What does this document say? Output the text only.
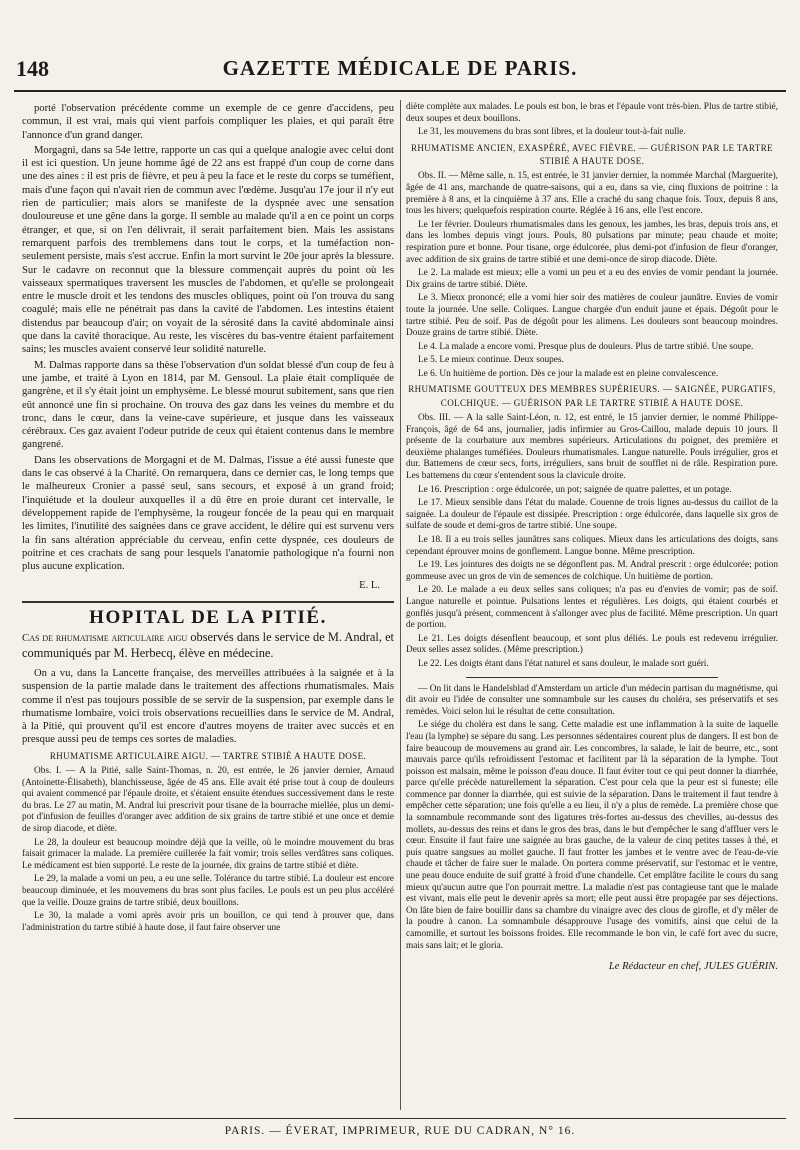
148	GAZETTE MÉDICALE DE PARIS.

porté l'observation précédente comme un exemple de ce genre d'accidens, peu commun, il est vrai, mais qui vient parfois compliquer les plaies, et qui paraît être l'annonce d'un grand danger.

Morgagni, dans sa 54e lettre, rapporte un cas qui a quelque analogie avec celui dont il est ici question. Un jeune homme âgé de 22 ans est frappé d'un coup de corne dans une des aines : il est pris de fièvre, et peu à peu la face et le reste du corps se tuméfient, mais d'une façon qui n'avait rien de commun avec l'œdème. Jusqu'au 17e jour il n'y eut rien de particulier; mais alors se manifeste de la dyspnée avec une sensation douloureuse et une gêne dans la gorge. Il semble au malade qu'il a en ce point un corps étranger, et que, si on l'en délivrait, il serait parfaitement bien. Mais les assistans remarquent parfois des tremblemens dans tout le corps, et la tuméfaction non-seulement persiste, mais s'est accrue. Enfin la mort survint le 20e jour après la blessure. Sur le cadavre on reconnut que la blessure commençait auprès du point où les vaisseaux spermatiques traversent les muscles de l'abdomen, et qu'elle se prolongeait entre le muscle droit et les tendons des muscles obliques, point où l'on trouva du sang coagulé; mais elle ne pénétrait pas dans la cavité de l'abdomen. Les intestins étaient distendus par beaucoup d'air; on voyait de la sérosité dans la cavité abdominale ainsi que dans la cavité thoracique. Au reste, les viscères du bas-ventre étaient parfaitement sains; les muscles avaient conservé leur solidité naturelle.

M. Dalmas rapporte dans sa thèse l'observation d'un soldat blessé d'un coup de feu à une jambe, et traité à Lyon en 1814, par M. Gensoul. La plaie était compliquée de gangrène, et il s'y était joint un emphysème. Le blessé mourut subitement, sans que rien eût annoncé une fin si prochaine. On trouva des gaz dans les veines du membre et du tronc, dans le cœur, dans la veine-cave supérieure, et jusque dans les vaisseaux cérébraux. Ces gaz avaient l'odeur putride de ceux qui étaient contenus dans le membre gangrené.

Dans les observations de Morgagni et de M. Dalmas, l'issue a été aussi funeste que dans le cas observé à la Charité. On remarquera, dans ce dernier cas, le long temps que le malheureux Cronier a passé seul, sans secours, et exposé à un grand froid; l'inquiétude et la douleur auxquelles il a dû être en proie durant cet intervalle, le développement rapide de l'emphysème, la rougeur foncée de la peau qui en marquait les limites, l'inutilité des saignées dans ce grave accident, le délire qui est survenu vers la fin sans altération appréciable du cerveau, enfin cette dyspnée, ces douleurs de poitrine et ces crachats de sang pour lesquels l'anatomie pathologique n'a fourni non plus aucune explication.

E. L.

HOPITAL DE LA PITIÉ.

Cas de rhumatisme articulaire aigu observés dans le service de M. Andral, et communiqués par M. Herbecq, élève en médecine.

On a vu, dans la Lancette française, des merveilles attribuées à la saignée et à la suspension de la partie malade dans le traitement des affections rhumatismales. Mais comme il n'est pas toujours possible de se servir de la suspension, par exemple dans le rhumatisme lombaire, voici trois observations recueillies dans le service de M. Andral, à la Pitié, qui prouvent qu'il est encore d'autres moyens de traiter avec succès et en presque aussi peu de temps ces sortes de maladies.

RHUMATISME ARTICULAIRE AIGU. — TARTRE STIBIÉ A HAUTE DOSE.

Obs. I. — A la Pitié, salle Saint-Thomas, n. 20, est entrée, le 26 janvier dernier, Arnaud (Antoinette-Élisabeth), blanchisseuse, âgée de 45 ans. Elle avait été prise tout à coup de douleurs qui avaient commencé par l'épaule droite, et s'étaient ensuite étendues successivement dans le reste du bras. Le 27 au matin, M. Andral lui prescrivit pour tisane de la bourrache miellée, plus un demi-pot d'infusion de feuilles d'oranger avec addition de six grains de tartre stibié et une once et demie de sirop diacode, et diète.

Le 28, la douleur est beaucoup moindre déjà que la veille, où le moindre mouvement du bras faisait grimacer la malade. La première cuillerée la fait vomir; trois selles verdâtres sans coliques. Le médicament est bien supporté. Le reste de la journée, dix grains de tartre stibié et diète.

Le 29, la malade a vomi un peu, a eu une selle. Tolérance du tartre stibié. La douleur est encore beaucoup diminuée, et les mouvemens du bras sont plus faciles. Le pouls est un peu plus accéléré que la veille. Douze grains de tartre stibié, deux bouillons.

Le 30, la malade a vomi après avoir pris un bouillon, ce qui tend à prouver que, dans l'administration du tartre stibié à haute dose, il faut faire observer une

diète complète aux malades. Le pouls est bon, le bras et l'épaule vont très-bien. Plus de tartre stibié, deux soupes et deux bouillons.

Le 31, les mouvemens du bras sont libres, et la douleur tout-à-fait nulle.

RHUMATISME ANCIEN, EXASPÉRÉ, AVEC FIÈVRE. — GUÉRISON PAR LE TARTRE STIBIÉ A HAUTE DOSE.

Obs. II. — Même salle, n. 15, est entrée, le 31 janvier dernier, la nommée Marchal (Marguerite), âgée de 41 ans, marchande de quatre-saisons, qui a eu, dans sa vie, cinq fluxions de poitrine : la première à 8 ans, et la cinquième à 37 ans. Elle a craché du sang chaque fois. Toux, depuis 8 ans, tous les hivers; quelquefois respiration courte. Réglée à 16 ans, elle l'est encore.

Le 1er février. Douleurs rhumatismales dans les genoux, les jambes, les bras, depuis trois ans, et dans les lombes depuis vingt jours. Pouls, 80 pulsations par minute; peau chaude et moite; respiration pure et bonne. Pour tisane, orge édulcorée, plus demi-pot d'infusion de fleur d'oranger, avec addition de six grains de tartre stibié et une demi-once de sirop diacode. Diète.

Le 2. La malade est mieux; elle a vomi un peu et a eu des envies de vomir pendant la journée. Dix grains de tartre stibié. Diète.

Le 3. Mieux prononcé; elle a vomi hier soir des matières de couleur jaunâtre. Envies de vomir toute la journée. Une selle. Coliques. Langue chargée d'un enduit jaune et épais. Dégoût pour le tartre stibié. Peu de soif. Pas de dégoût pour les alimens. Les douleurs sont beaucoup moindres. Douze grains de tartre stibié. Diète.

Le 4. La malade a encore vomi. Presque plus de douleurs. Plus de tartre stibié. Une soupe.

Le 5. Le mieux continue. Deux soupes.

Le 6. Un huitième de portion. Dès ce jour la malade est en pleine convalescence.

RHUMATISME GOUTTEUX DES MEMBRES SUPÉRIEURS. — SAIGNÉE, PURGATIFS, COLCHIQUE. — GUÉRISON PAR LE TARTRE STIBIÉ A HAUTE DOSE.

Obs. III. — A la salle Saint-Léon, n. 12, est entré, le 15 janvier dernier, le nommé Philippe-François, âgé de 64 ans, journalier, jadis infirmier au Gros-Caillou, malade depuis 10 jours. Il présente de la courbature aux membres supérieurs. Articulations du poignet, des première et deuxième phalanges tuméfiées. Douleurs rhumatismales. Langue naturelle. Pouls irrégulier, gros et dur. Battemens de cœur secs, forts, irréguliers, sans bruit de soufflet ni de râle. Respiration pure. Les battemens du cœur s'entendent sous la clavicule droite.

Le 16. Prescription : orge édulcorée, un pot; saignée de quatre palettes, et un potage.

Le 17. Mieux sensible dans l'état du malade. Couenne de trois lignes au-dessus du caillot de la saignée. La douleur de l'épaule est dissipée. Prescription : orge édulcorée, dans laquelle six gros de sulfate de soude et demi-gros de tartre stibié. Une soupe.

Le 18. Il a eu trois selles jaunâtres sans coliques. Mieux dans les articulations des doigts, sans cependant éprouver moins de gonflement. Langue bonne. Même prescription.

Le 19. Les jointures des doigts ne se dégonflent pas. M. Andral prescrit : orge édulcorée; potion gommeuse avec un gros de vin de semences de colchique. Un huitième de portion.

Le 20. Le malade a eu deux selles sans coliques; n'a pas eu d'envies de vomir; pas de soif. Langue naturelle et pointue. Pulsations lentes et régulières. Les doigts, qui étaient courbés et gonflés jusqu'à présent, commencent à s'allonger avec plus de facilité. Même prescription. Un quart de portion.

Le 21. Les doigts désenflent beaucoup, et sont plus déliés. Le pouls est redevenu irrégulier. Deux selles assez solides. (Même prescription.)

Le 22. Les doigts étant dans l'état naturel et sans douleur, le malade sort guéri.

— On lit dans le Handelsblad d'Amsterdam un article d'un médecin partisan du magnétisme, qui dit avoir eu l'idée de consulter une somnambule sur les causes du choléra, ses préservatifs et ses remèdes. Voici selon lui le résultat de cette consultation.

Le siége du choléra est dans le sang. Cette maladie est une inflammation à la suite de laquelle l'eau (la lymphe) se sépare du sang. Les personnes sédentaires courent plus de dangers. Il est bon de faire beaucoup de mouvemens au grand air. Les concombres, la salade, le lait de beurre, etc., sont mauvais parce qu'ils refroidissent l'estomac et facilitent par là la séparation de la lymphe. Tout poisson est malsain, même le poisson d'eau douce. Il faut éviter tout ce qui peut donner la diarrhée, parce qu'elle précède naturellement la séparation. C'est pour cela que la peur est si funeste; elle commence par donner la diarrhée, qui est suivie de la séparation. Dans le traitement il faut tendre à empêcher cette séparation; une fois qu'elle a eu lieu, il n'y a plus de remède. La première chose que la somnambule recommande sont des ligatures très-fortes au-dessus des chevilles, au-dessus des mollets, au-dessus des reins et dans le gros des bras, dans le but d'empêcher le sang d'affluer vers le cœur. Ensuite il faut faire une saignée au bras gauche, de la valeur de cinq petites tasses à thé, et puis quatre sangsues au mollet gauche. Il faut frotter les jambes et le ventre avec de l'eau-de-vie chaude et tâcher de faire suer le malade. On portera comme préservatif, sur l'estomac et le ventre, une peau douce enduite de suif gratté à froid d'une chandelle. Cet emplâtre facilite le cours du sang mieux qu'aucun autre que l'on pourrait mettre. La maladie n'est pas contagieuse tant que le malade est vivant, mais elle peut le devenir après sa mort; elle peut aussi être propagée par ses déjections. On lâte bien de faire bouillir dans sa chambre du vinaigre avec des clous de girofle, et d'y mêler de la poudre à canon. La somnambule désapprouve l'usage des vomitifs, ainsi que celui de la camomille, et surtout les boissons froides. Elle recommande le bon vin, le café fort avec du sucre, mais sans lait; et le gloria.

Le Rédacteur en chef, JULES GUÉRIN.

PARIS. — ÉVERAT, IMPRIMEUR, RUE DU CADRAN, N° 16.
